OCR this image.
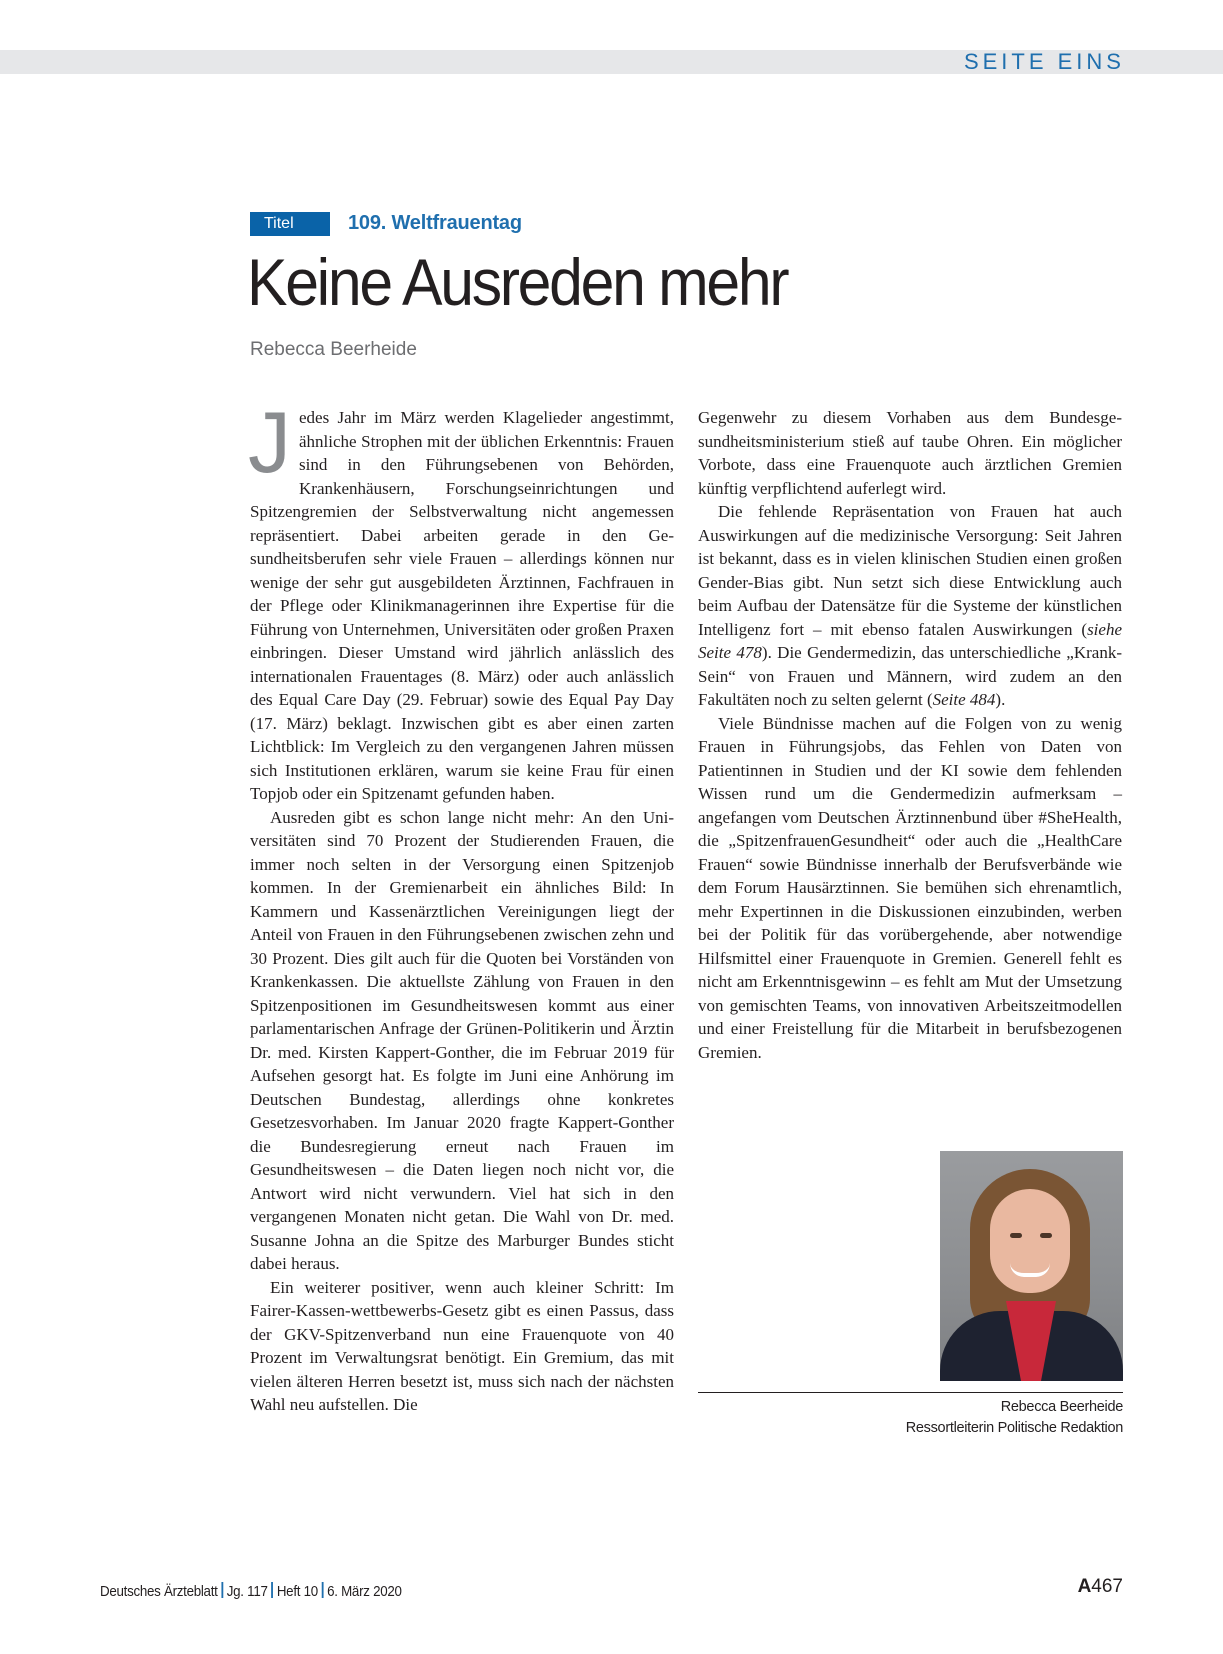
SEITE EINS
Titel	109. Weltfrauentag
Keine Ausreden mehr
Rebecca Beerheide

Jedes Jahr im März werden Klagelieder angestimmt, ähnliche Strophen mit der üblichen Erkenntnis: Frauen sind in den Führungsebenen von Behörden, Krankenhäusern, Forschungseinrichtungen und Spitzengremien der Selbstverwaltung nicht angemessen repräsentiert. Dabei arbeiten gerade in den Gesundheitsberufen sehr viele Frauen – allerdings können nur wenige der sehr gut ausgebildeten Ärztinnen, Fachfrauen in der Pflege oder Klinikmanagerinnen ihre Expertise für die Führung von Unternehmen, Universitäten oder großen Praxen einbringen. Dieser Umstand wird jährlich anlässlich des internationalen Frauentages (8. März) oder auch anlässlich des Equal Care Day (29. Februar) sowie des Equal Pay Day (17. März) beklagt. Inzwischen gibt es aber einen zarten Lichtblick: Im Vergleich zu den vergangenen Jahren müssen sich Institutionen erklären, warum sie keine Frau für einen Topjob oder ein Spitzenamt gefunden haben.

Ausreden gibt es schon lange nicht mehr: An den Universitäten sind 70 Prozent der Studierenden Frauen, die immer noch selten in der Versorgung einen Spitzenjob kommen. In der Gremienarbeit ein ähnliches Bild: In Kammern und Kassenärztlichen Vereinigungen liegt der Anteil von Frauen in den Führungsebenen zwischen zehn und 30 Prozent. Dies gilt auch für die Quoten bei Vorständen von Krankenkassen. Die aktuellste Zählung von Frauen in den Spitzenpositionen im Gesundheitswesen kommt aus einer parlamentarischen Anfrage der Grünen-Politikerin und Ärztin Dr. med. Kirsten Kappert-Gonther, die im Februar 2019 für Aufsehen gesorgt hat. Es folgte im Juni eine Anhörung im Deutschen Bundestag, allerdings ohne konkretes Gesetzesvorhaben. Im Januar 2020 fragte Kappert-Gonther die Bundesregierung erneut nach Frauen im Gesundheitswesen – die Daten liegen noch nicht vor, die Antwort wird nicht verwundern. Viel hat sich in den vergangenen Monaten nicht getan. Die Wahl von Dr. med. Susanne Johna an die Spitze des Marburger Bundes sticht dabei heraus.

Ein weiterer positiver, wenn auch kleiner Schritt: Im Fairer-Kassen-wettbewerbs-Gesetz gibt es einen Passus, dass der GKV-Spitzenverband nun eine Frauenquote von 40 Prozent im Verwaltungsrat benötigt. Ein Gremium, das mit vielen älteren Herren besetzt ist, muss sich nach der nächsten Wahl neu aufstellen. Die

Gegenwehr zu diesem Vorhaben aus dem Bundesgesundheitsministerium stieß auf taube Ohren. Ein möglicher Vorbote, dass eine Frauenquote auch ärztlichen Gremien künftig verpflichtend auferlegt wird.

Die fehlende Repräsentation von Frauen hat auch Auswirkungen auf die medizinische Versorgung: Seit Jahren ist bekannt, dass es in vielen klinischen Studien einen großen Gender-Bias gibt. Nun setzt sich diese Entwicklung auch beim Aufbau der Datensätze für die Systeme der künstlichen Intelligenz fort – mit ebenso fatalen Auswirkungen (siehe Seite 478). Die Gendermedizin, das unterschiedliche „Krank-Sein“ von Frauen und Männern, wird zudem an den Fakultäten noch zu selten gelernt (Seite 484).

Viele Bündnisse machen auf die Folgen von zu wenig Frauen in Führungsjobs, das Fehlen von Daten von Patientinnen in Studien und der KI sowie dem fehlenden Wissen rund um die Gendermedizin aufmerksam – angefangen vom Deutschen Ärztinnenbund über #SheHealth, die „SpitzenfrauenGesundheit“ oder auch die „HealthCare Frauen“ sowie Bündnisse innerhalb der Berufsverbände wie dem Forum Hausärztinnen. Sie bemühen sich ehrenamtlich, mehr Expertinnen in die Diskussionen einzubinden, werben bei der Politik für das vorübergehende, aber notwendige Hilfsmittel einer Frauenquote in Gremien. Generell fehlt es nicht am Erkenntnisgewinn – es fehlt am Mut der Umsetzung von gemischten Teams, von innovativen Arbeitszeitmodellen und einer Freistellung für die Mitarbeit in berufsbezogenen Gremien.

Rebecca Beerheide
Ressortleiterin Politische Redaktion
Deutsches Ärzteblatt Jg. 117 Heft 10 6. März 2020	A467
